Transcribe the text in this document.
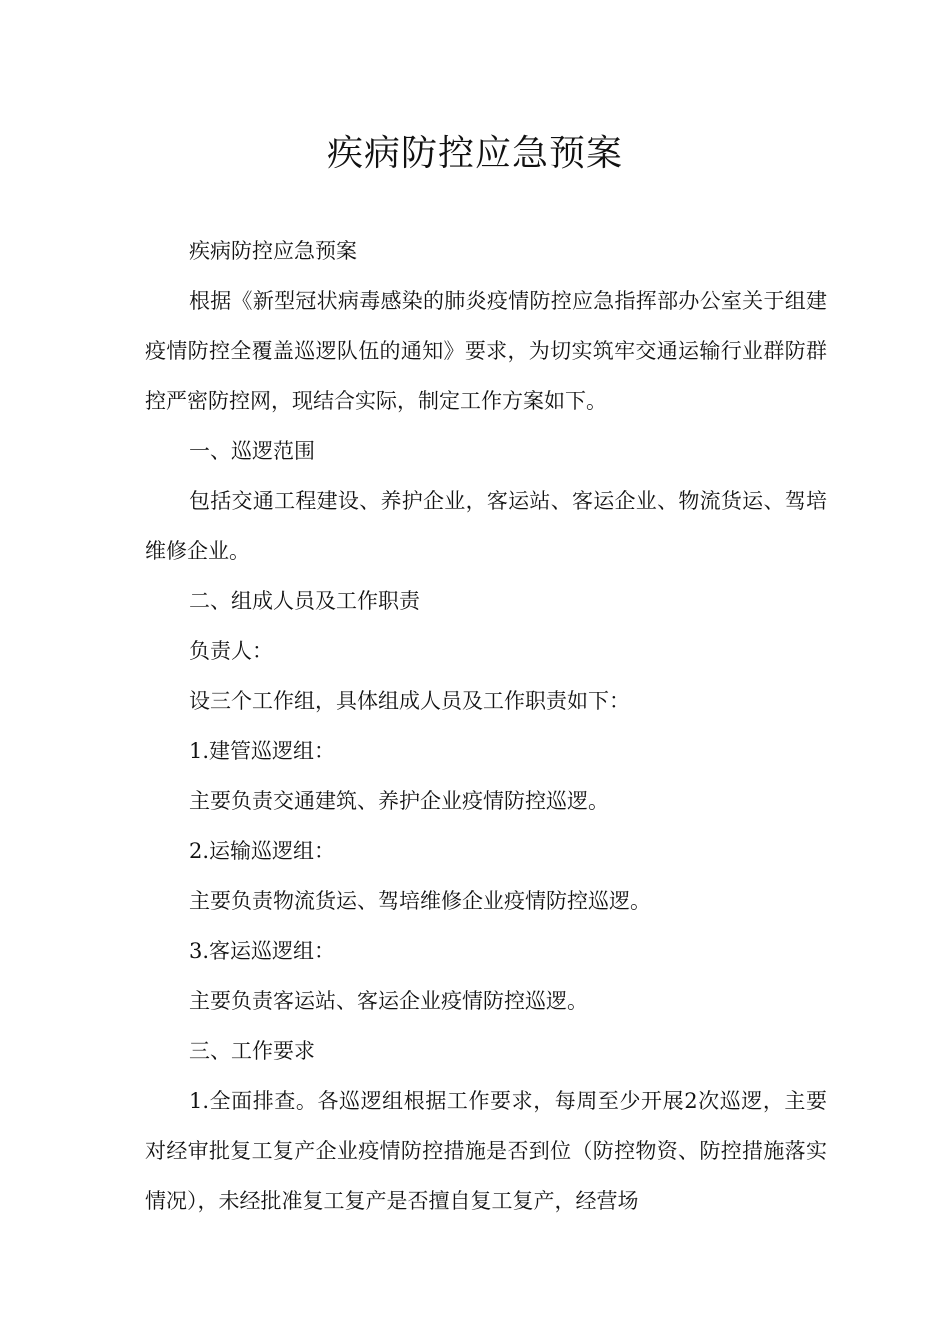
疾病防控应急预案

疾病防控应急预案

根据《新型冠状病毒感染的肺炎疫情防控应急指挥部办公室关于组建疫情防控全覆盖巡逻队伍的通知》要求，为切实筑牢交通运输行业群防群控严密防控网，现结合实际，制定工作方案如下。

一、巡逻范围

包括交通工程建设、养护企业，客运站、客运企业、物流货运、驾培维修企业。

二、组成人员及工作职责

负责人：

设三个工作组，具体组成人员及工作职责如下：

1.建管巡逻组：

主要负责交通建筑、养护企业疫情防控巡逻。

2.运输巡逻组：

主要负责物流货运、驾培维修企业疫情防控巡逻。

3.客运巡逻组：

主要负责客运站、客运企业疫情防控巡逻。

三、工作要求

1.全面排查。各巡逻组根据工作要求，每周至少开展2次巡逻，主要对经审批复工复产企业疫情防控措施是否到位（防控物资、防控措施落实情况），未经批准复工复产是否擅自复工复产，经营场
